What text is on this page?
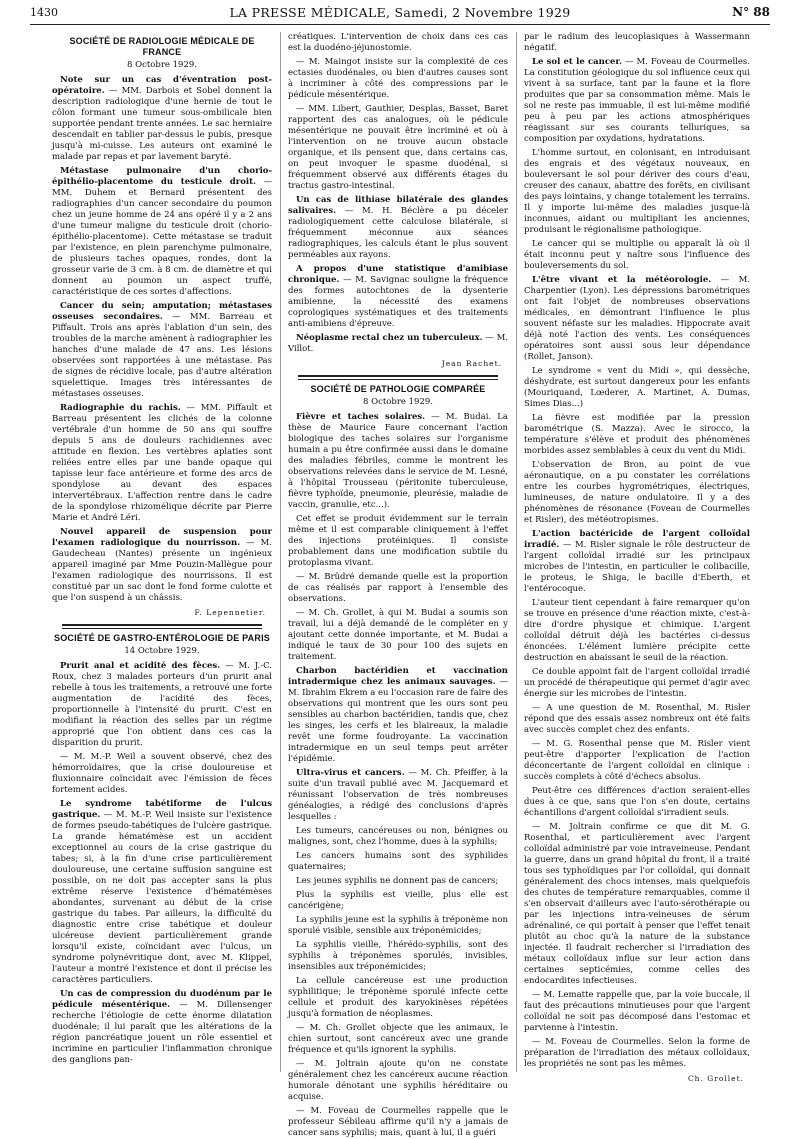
1430	LA PRESSE MÉDICALE, Samedi, 2 Novembre 1929	N° 88
SOCIÉTÉ DE RADIOLOGIE MÉDICALE DE FRANCE
8 Octobre 1929.

Note sur un cas d'éventration post-opératoire. — MM. Darbois et Sobel donnent la description radiologique d'une hernie de tout le côlon formant une tumeur sous-ombilicale bien supportée pendant trente années. Le sac herniaire descendait en tablier par-dessus le pubis, presque jusqu'à mi-cuisse. Les auteurs ont examiné le malade par repas et par lavement baryté.

Métastase pulmonaire d'un chorio-épithélio-placentome du testicule droit. — MM. Duhem et Bernard présentent des radiographies d'un cancer secondaire du poumon chez un jeune homme de 24 ans opéré il y a 2 ans d'une tumeur maligne du testicule droit (chorio-épithélio-placentome). Cette métastase se traduit par l'existence, en plein parenchyme pulmonaire, de plusieurs taches opaques, rondes, dont la grosseur varie de 3 cm. à 8 cm. de diamètre et qui donnent au poumon un aspect truffé, caractéristique de ces sortes d'affections.

Cancer du sein; amputation; métastases osseuses secondaires. — MM. Barreau et Piffault. Trois ans après l'ablation d'un sein, des troubles de la marche amènent à radiographier les hanches d'une malade de 47 ans. Les lésions observées sont rapportées à une métastase. Pas de signes de récidive locale, pas d'autre altération squelettique. Images très intéressantes de métastases osseuses.

Radiographie du rachis. — MM. Piffault et Barreau présentent les clichés de la colonne vertébrale d'un homme de 50 ans qui souffre depuis 5 ans de douleurs rachidiennes avec attitude en flexion. Les vertèbres aplaties sont reliées entre elles par une bande opaque qui tapisse leur face antérieure et forme des arcs de spondylose au devant des espaces intervertébraux. L'affection rentre dans le cadre de la spondylose rhizomélique décrite par Pierre Marie et André Léri.

Nouvel appareil de suspension pour l'examen radiologique du nourrisson. — M. Gaudecheau (Nantes) présente un ingénieux appareil imaginé par Mme Pouzin-Mallègue pour l'examen radiologique des nourrissons. Il est constitué par un sac dont le fond forme culotte et que l'on suspend à un châssis.

F. Lepennetier.
SOCIÉTÉ DE GASTRO-ENTÉROLOGIE DE PARIS
14 Octobre 1929.

Prurit anal et acidité des fèces. — M. J.-C. Roux, chez 3 malades porteurs d'un prurit anal rebelle à tous les traitements, a retrouvé une forte augmentation de l'acidité des fèces, proportionnelle à l'intensité du prurit. C'est en modifiant la réaction des selles par un régime approprié que l'on obtient dans ces cas la disparition du prurit.

— M. M.-P. Weil a souvent observé, chez des hémorroïdaires, que la crise douloureuse et fluxionnaire coïncidait avec l'émission de fèces fortement acides.

Le syndrome tabétiforme de l'ulcus gastrique. — M. M.-P. Weil insiste sur l'existence de formes pseudo-tabétiques de l'ulcère gastrique. La grande hématémèse est un accident exceptionnel au cours de la crise gastrique du tabes; si, à la fin d'une crise particulièrement douloureuse, une certaine suffusion sanguine est possible, on ne doit pas accepter sans la plus extrême réserve l'existence d'hématémèses abondantes, survenant au début de la crise gastrique du tabes. Par ailleurs, la difficulté du diagnostic entre crise tabétique et douleur ulcéreuse devient particulièrement grande lorsqu'il existe, coïncidant avec l'ulcus, un syndrome polynévritique dont, avec M. Klippel, l'auteur a montré l'existence et dont il précise les caractères particuliers.

Un cas de compression du duodénum par le pédicule mésentérique. — M. Dillensenger recherche l'étiologie de cette énorme dilatation duodénale; il lui paraît que les altérations de la région pancréatique jouent un rôle essentiel et incrimine en particulier l'inflammation chronique des ganglions pan-

créatiques. L'intervention de choix dans ces cas est la duodéno-jéjunostomie.

— M. Maingot insiste sur la complexité de ces ectasies duodénales, ou bien d'autres causes sont à incriminer à côté des compressions par le pédicule mésentérique.

— MM. Libert, Gauthier, Desplas, Basset, Baret rapportent des cas analogues, où le pédicule mésentérique ne pouvait être incriminé et où à l'intervention on ne trouve aucun obstacle organique, et ils pensent que, dans certains cas, on peut invoquer le spasme duodénal, si fréquemment observé aux différents étages du tractus gastro-intestinal.

Un cas de lithiase bilatérale des glandes salivaires. — M. H. Béclère a pu déceler radiologiquement cette calculose bilatérale, si fréquemment méconnue aux séances radiographiques, les calculs étant le plus souvent perméables aux rayons.

A propos d'une statistique d'amibiase chronique. — M. Savignac souligne la fréquence des formes autochtones de la dysenterie amibienne, la nécessité des examens coprologiques systématiques et des traitements anti-amibiens d'épreuve.

Néoplasme rectal chez un tuberculeux. — M. Villot.

Jean Rachet.
SOCIÉTÉ DE PATHOLOGIE COMPARÉE
8 Octobre 1929.

Fièvre et taches solaires. — M. Budai. La thèse de Maurice Faure concernant l'action biologique des taches solaires sur l'organisme humain a pu être confirmée aussi dans le domaine des maladies fébriles, comme le montrent les observations relevées dans le service de M. Lesné, à l'hôpital Trousseau (péritonite tuberculeuse, fièvre typhoïde, pneumonie, pleurésie, maladie de vaccin, granulie, etc...).

Cet effet se produit évidemment sur le terrain même et il est comparable cliniquement à l'effet des injections protéiniques. Il consiste probablement dans une modification subtile du protoplasma vivant.

— M. Brûdré demande quelle est la proportion de cas réalisés par rapport à l'ensemble des observations.

— M. Ch. Grollet, à qui M. Budai a soumis son travail, lui a déjà demandé de le compléter en y ajoutant cette donnée importante, et M. Budai a indiqué le taux de 30 pour 100 des sujets en traitement.

Charbon bactéridien et vaccination intradermique chez les animaux sauvages. — M. Ibrahim Ekrem a eu l'occasion rare de faire des observations qui montrent que les ours sont peu sensibles au charbon bactéridien, tandis que, chez les singes, les cerfs et les blaireaux, la maladie revêt une forme foudroyante. La vaccination intradermique en un seul temps peut arrêter l'épidémie.

Ultra-virus et cancers. — M. Ch. Pfeiffer, à la suite d'un travail publié avec M. Jacquemard et réunissant l'observation de très nombreuses généalogies, a rédigé des conclusions d'après lesquelles :

Les tumeurs, cancéreuses ou non, bénignes ou malignes, sont, chez l'homme, dues à la syphilis;

Les cancers humains sont des syphilides quaternaires;

Les jeunes syphilis ne donnent pas de cancers;

Plus la syphilis est vieille, plus elle est cancérigène;

La syphilis jeune est la syphilis à tréponème non sporulé visible, sensible aux tréponémicides;

La syphilis vieille, l'hérédo-syphilis, sont des syphilis à tréponèmes sporulés, invisibles, insensibles aux tréponémicides;

La cellule cancéreuse est une production syphilitique; le tréponème sporulé infecte cette cellule et produit des karyokinèses répétées jusqu'à formation de néoplasmes.

— M. Ch. Grollet objecte que les animaux, le chien surtout, sont cancéreux avec une grande fréquence et qu'ils ignorent la syphilis.

— M. Joltrain ajoute qu'on ne constate généralement chez les cancéreux aucune réaction humorale dénotant une syphilis héréditaire ou acquise.

— M. Foveau de Courmelles rappelle que le professeur Sébileau affirme qu'il n'y a jamais de cancer sans syphilis; mais, quant à lui, il a guéri

par le radium des leucoplasiques à Wassermann négatif.

Le sol et le cancer. — M. Foveau de Courmelles. La constitution géologique du sol influence ceux qui vivent à sa surface, tant par la faune et la flore produites que par sa consommation même. Mais le sol ne reste pas immuable, il est lui-même modifié peu à peu par les actions atmosphériques réagissant sur ses courants telluriques, sa composition par oxydations, hydratations.

L'homme surtout, en colonisant, en introduisant des engrais et des végétaux nouveaux, en bouleversant le sol pour dériver des cours d'eau, creuser des canaux, abattre des forêts, en civilisant des pays lointains, y change totalement les terrains. Il y importe lui-même des maladies jusque-là inconnues, aidant ou multipliant les anciennes, produisant le régionalisme pathologique.

Le cancer qui se multiplie ou apparaît là où il était inconnu peut y naître sous l'influence des bouleversements du sol.

L'être vivant et la météorologie. — M. Charpentier (Lyon). Les dépressions barométriques ont fait l'objet de nombreuses observations médicales, en démontrant l'influence le plus souvent néfaste sur les maladies. Hippocrate avait déjà noté l'action des vents. Les conséquences opératoires sont aussi sous leur dépendance (Rollet, Janson).

Le syndrome « vent du Midi », qui dessèche, déshydrate, est surtout dangereux pour les enfants (Mouriquand, Lœderer, A. Martinet, A. Dumas, Simes Dias...)

La fièvre est modifiée par la pression barométrique (S. Mazza). Avec le sirocco, la température s'élève et produit des phénomènes morbides assez semblables à ceux du vent du Midi.

L'observation de Bron, au point de vue aéronautique, on a pu constater les corrélations entre les courbes hygrométriques, électriques, lumineuses, de nature ondulatoire. Il y a des phénomènes de résonance (Foveau de Courmelles et Risler), des météotropismes.

L'action bactéricide de l'argent colloïdal irradié. — M. Risler signale le rôle destructeur de l'argent colloïdal irradié sur les principaux microbes de l'intestin, en particulier le colibacille, le proteus, le Shiga, le bacille d'Eberth, et l'entérocoque.

L'auteur tient cependant à faire remarquer qu'on se trouve en présence d'une réaction mixte, c'est-à-dire d'ordre physique et chimique. L'argent colloïdal détruit déjà les bactéries ci-dessus énoncées. L'élément lumière précipite cette destruction en abaissant le seuil de la réaction.

Ce double appoint fait de l'argent colloïdal irradié un procédé de thérapeutique qui permet d'agir avec énergie sur les microbes de l'intestin.

— A une question de M. Rosenthal, M. Risler répond que des essais assez nombreux ont été faits avec succès complet chez des enfants.

— M. G. Rosenthal pense que M. Risler vient peut-être d'apporter l'explication de l'action déconcertante de l'argent colloïdal en clinique : succès complets à côté d'échecs absolus.

Peut-être ces différences d'action seraient-elles dues à ce que, sans que l'on s'en doute, certains échantillons d'argent colloïdal s'irradient seuls.

— M. Joltrain confirme ce que dit M. G. Rosenthal, et particulièrement avec l'argent colloïdal administré par voie intraveineuse. Pendant la guerre, dans un grand hôpital du front, il a traité tous ses typhoïdiques par l'or colloïdal, qui donnait généralement des chocs intenses, mais quelquefois des chutes de température remarquables, comme il s'en observait d'ailleurs avec l'auto-sérothérapie ou par les injections intra-veineuses de sérum adrénaliné, ce qui portait à penser que l'effet tenait plutôt au choc qu'à la nature de la substance injectée. Il faudrait rechercher si l'irradiation des métaux colloïdaux influe sur leur action dans certaines septicémies, comme celles des endocardites infectieuses.

— M. Lematte rappelle que, par la voie buccale, il faut des précautions minutieuses pour que l'argent colloïdal ne soit pas décomposé dans l'estomac et parvienne à l'intestin.

— M. Foveau de Courmelles. Selon la forme de préparation de l'irradiation des métaux colloïdaux, les propriétés ne sont pas les mêmes.

Ch. Grollet.
